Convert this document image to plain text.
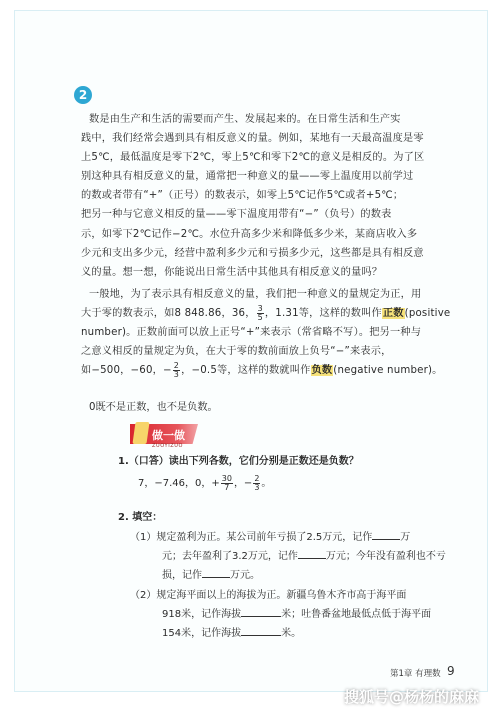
2
数是由生产和生活的需要而产生、发展起来的。在日常生活和生产实
践中，我们经常会遇到具有相反意义的量。例如，某地有一天最高温度是零
上5℃，最低温度是零下2℃，零上5℃和零下2℃的意义是相反的。为了区
别这种具有相反意义的量，通常把一种意义的量——零上温度用以前学过
的数或者带有“+”（正号）的数表示，如零上5℃记作5℃或者+5℃；
把另一种与它意义相反的量——零下温度用带有“−”（负号）的数表
示，如零下2℃记作−2℃。水位升高多少米和降低多少米，某商店收入多
少元和支出多少元，经营中盈利多少元和亏损多少元，这些都是具有相反意
义的量。想一想，你能说出日常生活中其他具有相反意义的量吗？
一般地，为了表示具有相反意义的量，我们把一种意义的量规定为正，用
大于零的数表示，如8 848.86，36， $\frac{3}{5}$ ，1.31等，这样的数叫作正数(positive
number)。正数前面可以放上正号“+”来表示（常省略不写）。把另一种与
之意义相反的量规定为负，在大于零的数前面放上负号“−”来表示，
如−500，−60，− $\frac{2}{3}$ ，−0.5等，这样的数就叫作负数(negative number)。
0既不是正数，也不是负数。
做一做
ZUOYIZUO
1.（口答）读出下列各数，它们分别是正数还是负数？
7，−7.46，0，+ $\frac{30}{7}$ ，− $\frac{2}{3}$ 。
2. 填空：
（1）规定盈利为正。某公司前年亏损了2.5万元，记作	万
元；去年盈利了3.2万元，记作	万元；今年没有盈利也不亏
损，记作	万元。
（2）规定海平面以上的海拔为正。新疆乌鲁木齐市高于海平面
918米，记作海拔	米；吐鲁番盆地最低点低于海平面
154米，记作海拔	米。
第1章 有理数 9
搜狐号@杨杨的麻麻
